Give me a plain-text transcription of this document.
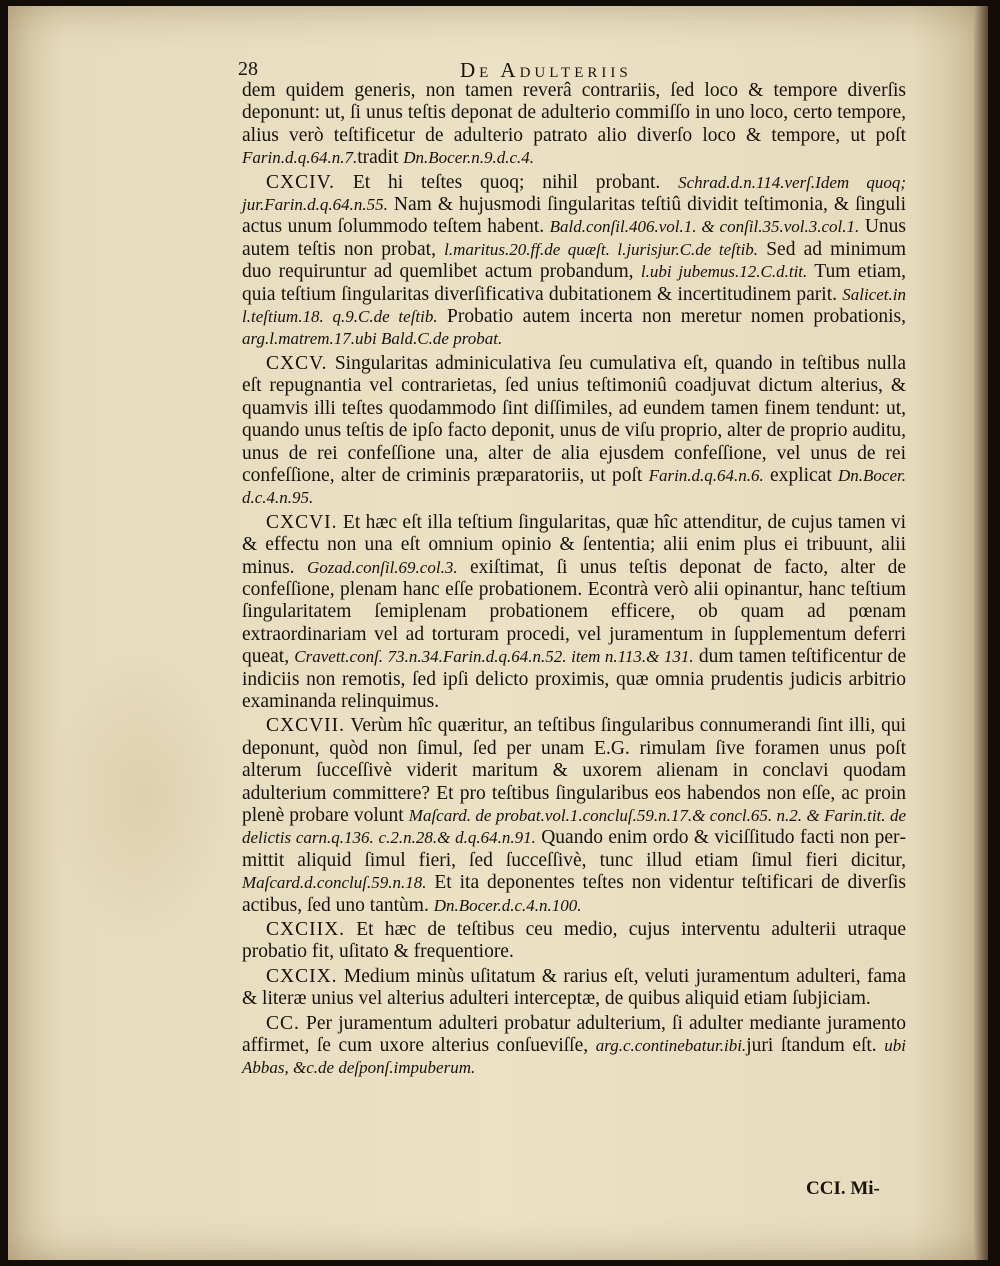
28	De Adulteriis

dem quidem generis, non tamen reverâ contrariis, ſed loco & tempore diverſis deponunt: ut, ſi unus teſtis deponat de adulterio commiſſo in uno loco, certo tempore, alius verò teſtificetur de adulterio patrato alio diverſo loco & tempore, ut poſt Farin.d.q.64.n.7.tradit Dn.Bocer.n.9.d.c.4.

CXCIV. Et hi teſtes quoq; nihil probant. Schrad.d.n.114.verſ.Idem quoq; jur.Farin.d.q.64.n.55. Nam & hujusmodi ſingularitas teſtiû dividit teſtimonia, & ſinguli actus unum ſolummodo teſtem habent. Bald.conſil.406.vol.1. & conſil.35.vol.3.col.1. Unus autem teſtis non probat, l.maritus.20.ff.de quæſt. l.jurisjur.C.de teſtib. Sed ad minimum duo requiruntur ad quemlibet actum probandum, l.ubi jubemus.12.C.d.tit. Tum etiam, quia teſtium ſingularitas diverſificativa dubitationem & incertitudinem parit. Salicet.in l.teſtium.18. q.9.C.de teſtib. Probatio autem incerta non meretur nomen probationis, arg.l.matrem.17.ubi Bald.C.de probat.

CXCV. Singularitas adminiculativa ſeu cumulativa eſt, quando in teſtibus nulla eſt repugnantia vel contrarietas, ſed unius teſtimoniû coadjuvat dictum alterius, & quamvis illi teſtes quodammodo ſint diſſimiles, ad eundem tamen finem tendunt: ut, quando unus teſtis de ipſo facto deponit, unus de viſu proprio, alter de proprio auditu, unus de rei confeſſione una, alter de alia ejusdem confeſſione, vel unus de rei confeſſione, alter de criminis præparatoriis, ut poſt Farin.d.q.64.n.6. explicat Dn.Bocer. d.c.4.n.95.

CXCVI. Et hæc eſt illa teſtium ſingularitas, quæ hîc attenditur, de cujus tamen vi & effectu non una eſt omnium opinio & ſententia; alii enim plus ei tribuunt, alii minus. Gozad.conſil.69.col.3. exiſtimat, ſi unus teſtis deponat de facto, alter de confeſſione, plenam hanc eſſe probationem. Econtrà verò alii opinantur, hanc teſtium ſingularitatem ſemiplenam probationem efficere, ob quam ad pœnam extraordinariam vel ad torturam procedi, vel juramentum in ſupplementum deferri queat, Cravett.conſ. 73.n.34.Farin.d.q.64.n.52. item n.113.& 131. dum tamen teſtificentur de indiciis non remotis, ſed ipſi delicto proximis, quæ omnia prudentis judicis arbitrio examinanda relinquimus.

CXCVII. Verùm hîc quæritur, an teſtibus ſingularibus connumerandi ſint illi, qui deponunt, quòd non ſimul, ſed per unam E.G. rimulam ſive foramen unus poſt alterum ſucceſſivè viderit maritum & uxorem alienam in conclavi quodam adulterium committere? Et pro teſtibus ſingularibus eos habendos non eſſe, ac proin plenè probare volunt Maſcard. de probat.vol.1.concluſ.59.n.17.& concl.65. n.2. & Farin.tit. de delictis carn.q.136. c.2.n.28.& d.q.64.n.91. Quando enim ordo & viciſſitudo facti non permittit aliquid ſimul fieri, ſed ſucceſſivè, tunc illud etiam ſimul fieri dicitur, Maſcard.d.concluſ.59.n.18. Et ita deponentes teſtes non videntur teſtificari de diverſis actibus, ſed uno tantùm. Dn.Bocer.d.c.4.n.100.

CXCIIX. Et hæc de teſtibus ceu medio, cujus interventu adulterii utraque probatio fit, uſitato & frequentiore.

CXCIX. Medium minùs uſitatum & rarius eſt, veluti juramentum adulteri, fama & literæ unius vel alterius adulteri interceptæ, de quibus aliquid etiam ſubjiciam.

CC. Per juramentum adulteri probatur adulterium, ſi adulter mediante juramento affirmet, ſe cum uxore alterius conſueviſſe, arg.c.continebatur.ibi.juri ſtandum eſt. ubi Abbas, &c.de deſponſ.impuberum.

CCI. Mi-
